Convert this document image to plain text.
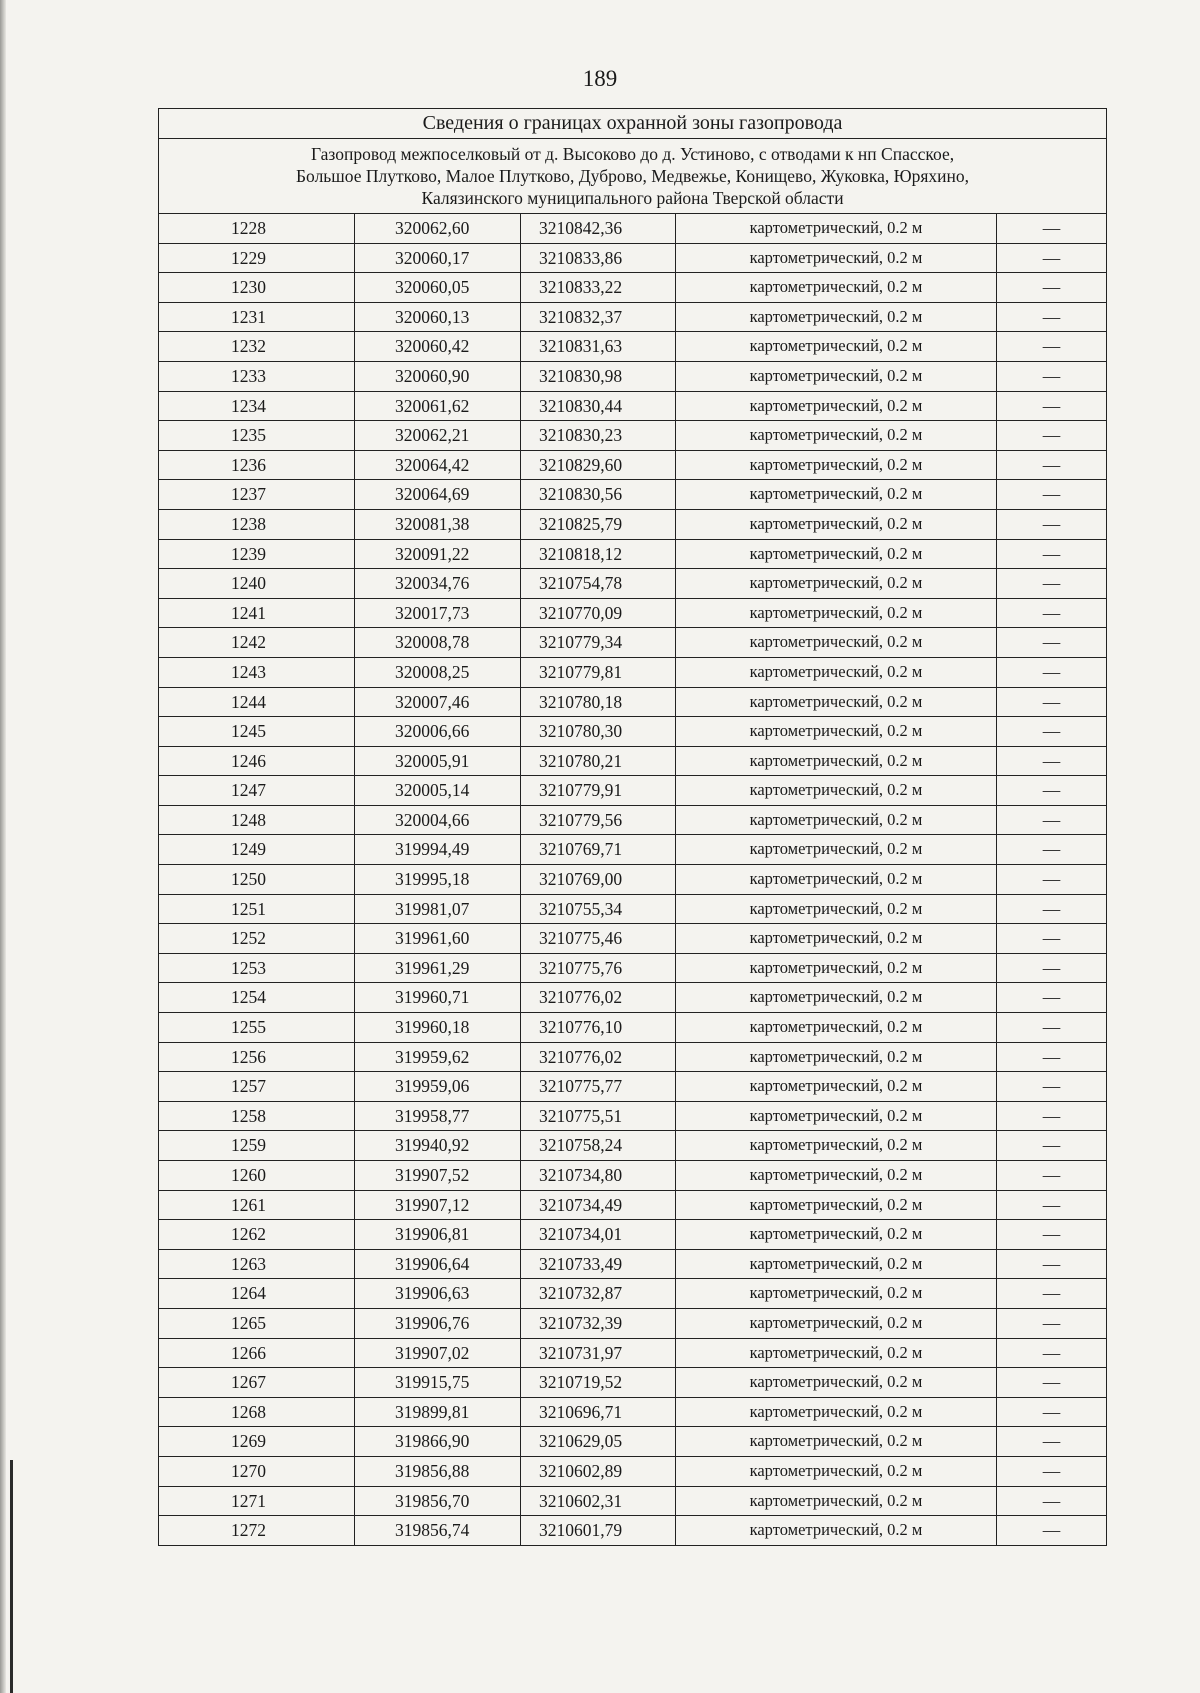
189
Сведения о границах охранной зоны газопровода				

Газопровод межпоселковый от д. Высоково до д. Устиново, с отводами к нп Спасское,
Большое Плутково, Малое Плутково, Дуброво, Медвежье, Конищево, Жуковка, Юряхино,
Калязинского муниципального района Тверской области				

1228	320062,60	3210842,36	картометрический, 0.2 м	—
1229	320060,17	3210833,86	картометрический, 0.2 м	—
1230	320060,05	3210833,22	картометрический, 0.2 м	—
1231	320060,13	3210832,37	картометрический, 0.2 м	—
1232	320060,42	3210831,63	картометрический, 0.2 м	—
1233	320060,90	3210830,98	картометрический, 0.2 м	—
1234	320061,62	3210830,44	картометрический, 0.2 м	—
1235	320062,21	3210830,23	картометрический, 0.2 м	—
1236	320064,42	3210829,60	картометрический, 0.2 м	—
1237	320064,69	3210830,56	картометрический, 0.2 м	—
1238	320081,38	3210825,79	картометрический, 0.2 м	—
1239	320091,22	3210818,12	картометрический, 0.2 м	—
1240	320034,76	3210754,78	картометрический, 0.2 м	—
1241	320017,73	3210770,09	картометрический, 0.2 м	—
1242	320008,78	3210779,34	картометрический, 0.2 м	—
1243	320008,25	3210779,81	картометрический, 0.2 м	—
1244	320007,46	3210780,18	картометрический, 0.2 м	—
1245	320006,66	3210780,30	картометрический, 0.2 м	—
1246	320005,91	3210780,21	картометрический, 0.2 м	—
1247	320005,14	3210779,91	картометрический, 0.2 м	—
1248	320004,66	3210779,56	картометрический, 0.2 м	—
1249	319994,49	3210769,71	картометрический, 0.2 м	—
1250	319995,18	3210769,00	картометрический, 0.2 м	—
1251	319981,07	3210755,34	картометрический, 0.2 м	—
1252	319961,60	3210775,46	картометрический, 0.2 м	—
1253	319961,29	3210775,76	картометрический, 0.2 м	—
1254	319960,71	3210776,02	картометрический, 0.2 м	—
1255	319960,18	3210776,10	картометрический, 0.2 м	—
1256	319959,62	3210776,02	картометрический, 0.2 м	—
1257	319959,06	3210775,77	картометрический, 0.2 м	—
1258	319958,77	3210775,51	картометрический, 0.2 м	—
1259	319940,92	3210758,24	картометрический, 0.2 м	—
1260	319907,52	3210734,80	картометрический, 0.2 м	—
1261	319907,12	3210734,49	картометрический, 0.2 м	—
1262	319906,81	3210734,01	картометрический, 0.2 м	—
1263	319906,64	3210733,49	картометрический, 0.2 м	—
1264	319906,63	3210732,87	картометрический, 0.2 м	—
1265	319906,76	3210732,39	картометрический, 0.2 м	—
1266	319907,02	3210731,97	картометрический, 0.2 м	—
1267	319915,75	3210719,52	картометрический, 0.2 м	—
1268	319899,81	3210696,71	картометрический, 0.2 м	—
1269	319866,90	3210629,05	картометрический, 0.2 м	—
1270	319856,88	3210602,89	картометрический, 0.2 м	—
1271	319856,70	3210602,31	картометрический, 0.2 м	—
1272	319856,74	3210601,79	картометрический, 0.2 м	—
